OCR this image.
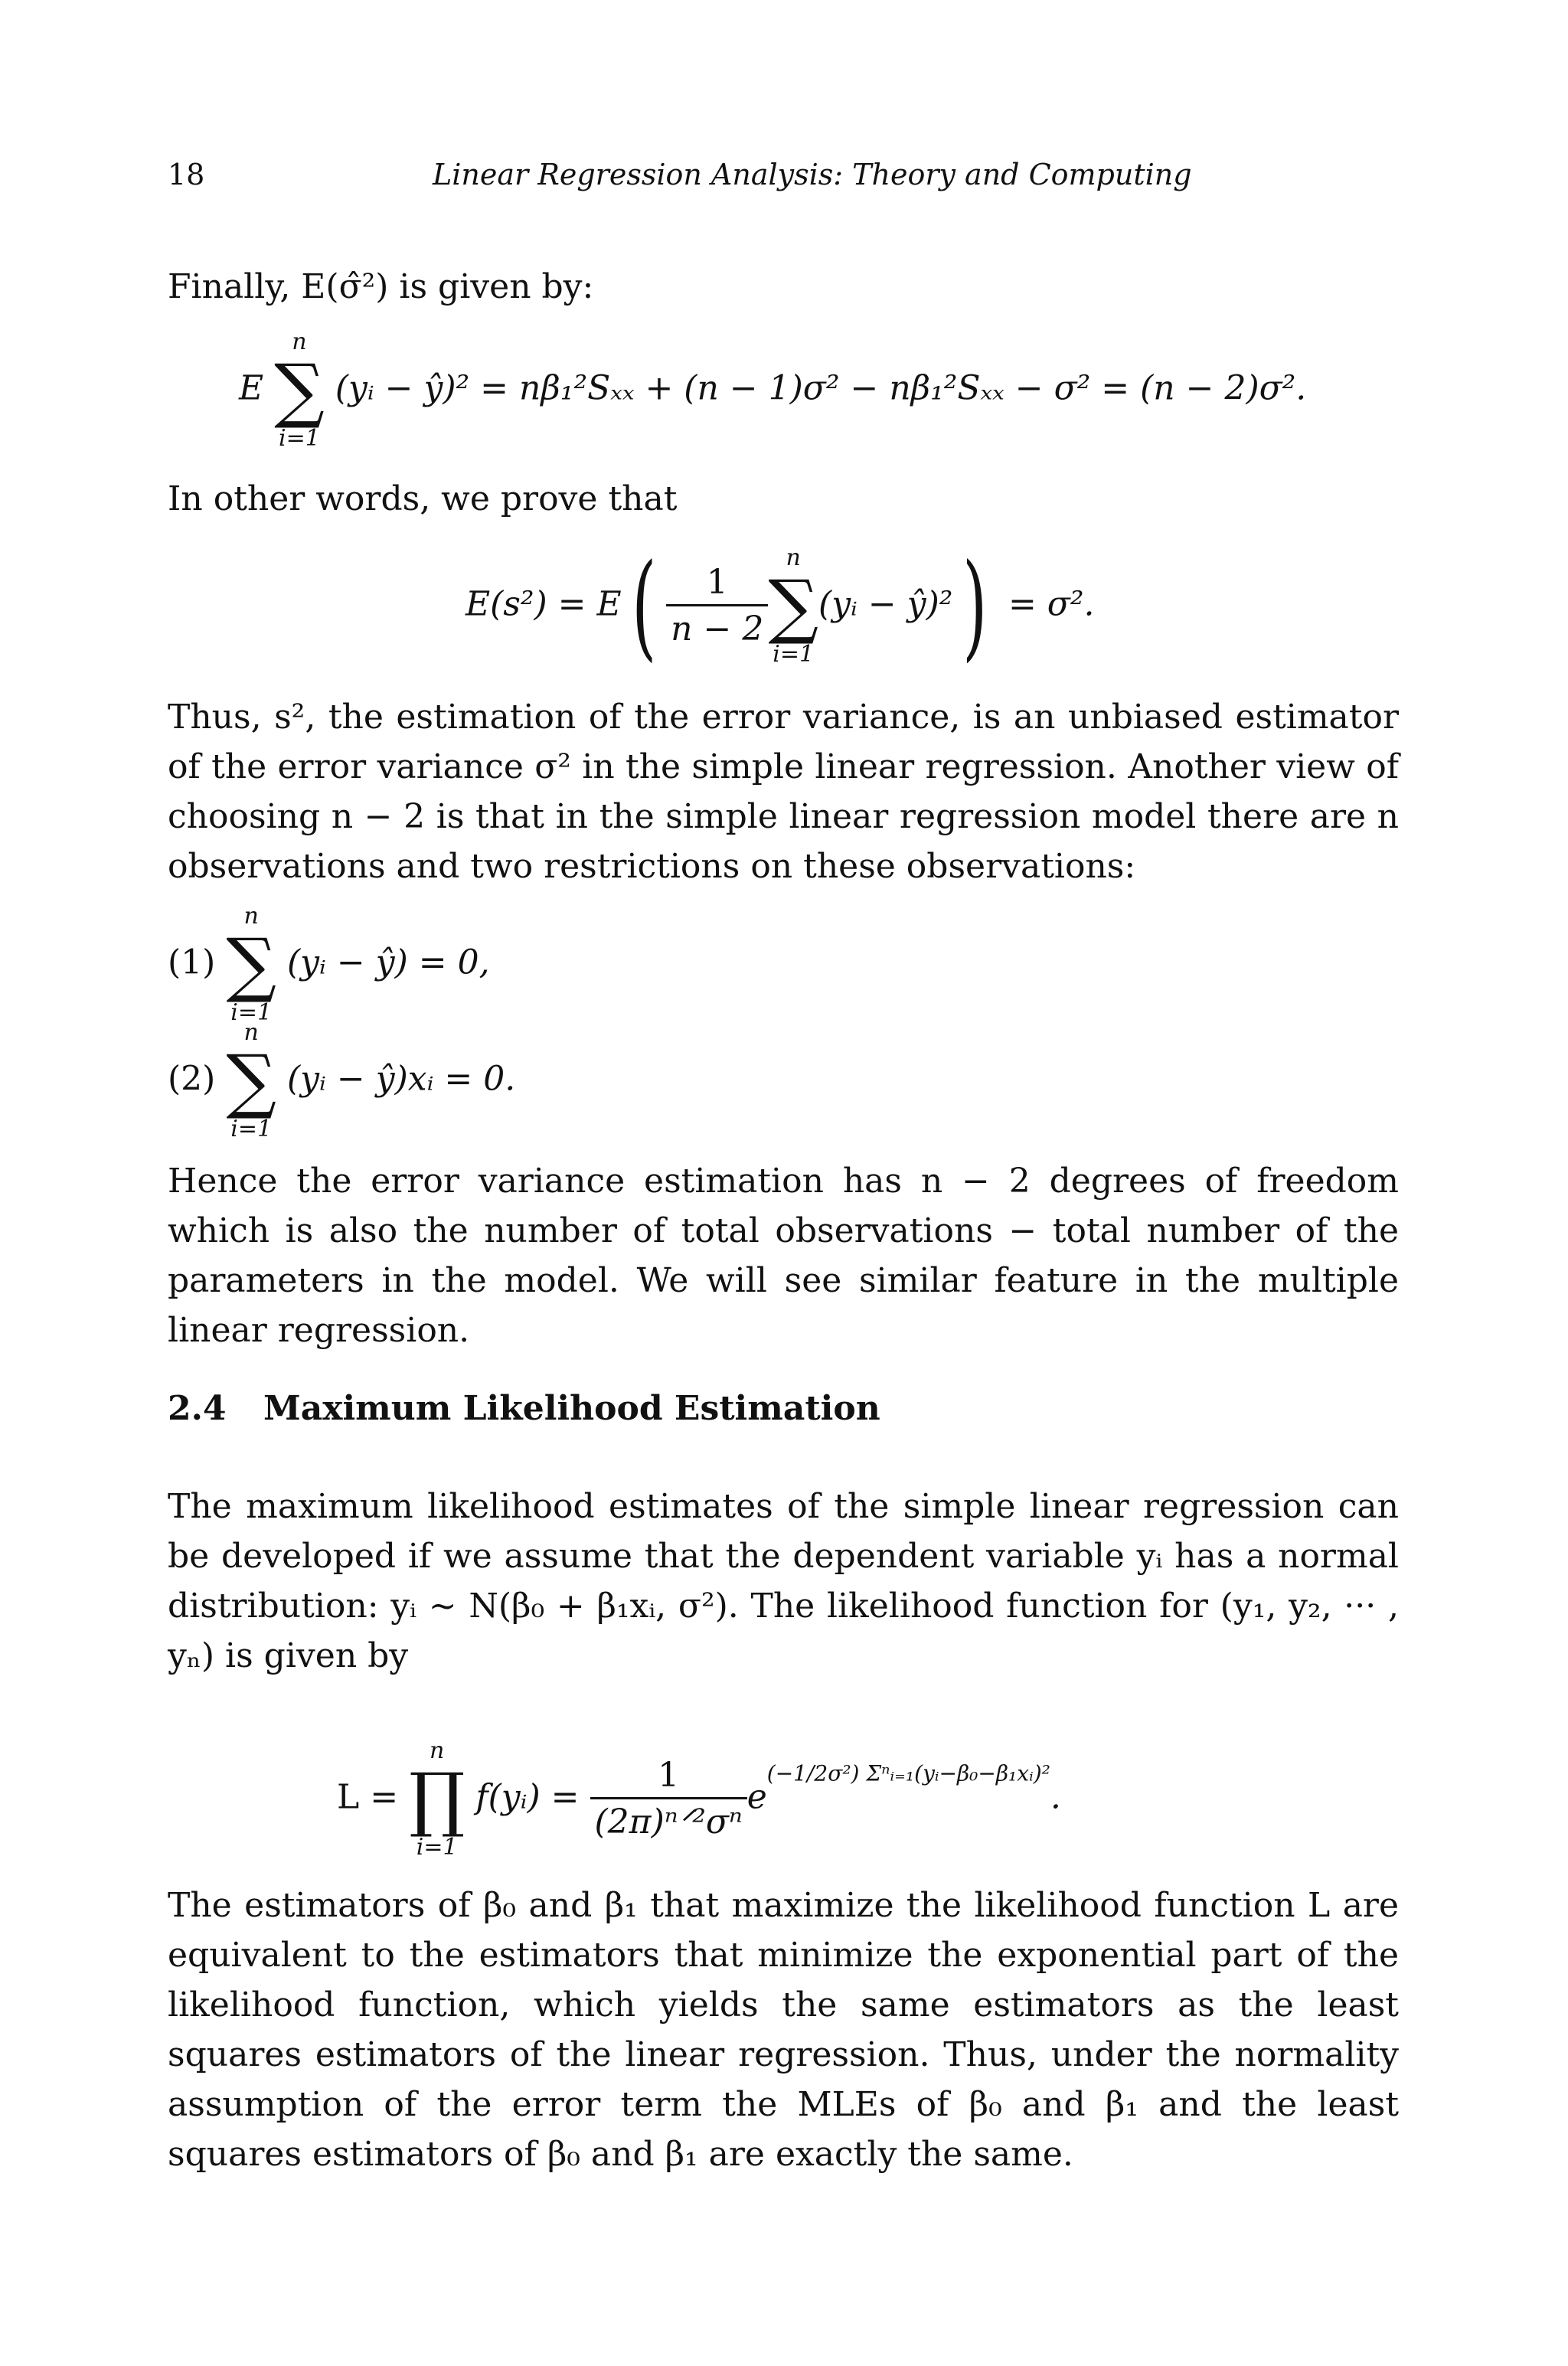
18	Linear Regression Analysis: Theory and Computing
Finally, E(σ̂²) is given by:
E
n
∑
i=1
(yᵢ − ŷ)² = nβ₁²Sₓₓ + (n − 1)σ² − nβ₁²Sₓₓ − σ² = (n − 2)σ².
In other words, we prove that
$E(s^2) = E( \frac{1}{n - 2}$
n
∑
i=1
(yᵢ − ŷ)²) = σ².
Thus, s², the estimation of the error variance, is an unbiased estimator of the error variance σ² in the simple linear regression. Another view of choosing n − 2 is that in the simple linear regression model there are n observations and two restrictions on these observations:
(1)
n
∑
i=1
(yᵢ − ŷ) = 0,
(2)
n
∑
i=1
(yᵢ − ŷ)xᵢ = 0.
Hence the error variance estimation has n − 2 degrees of freedom which is also the number of total observations − total number of the parameters in the model. We will see similar feature in the multiple linear regression.
2.4 Maximum Likelihood Estimation
The maximum likelihood estimates of the simple linear regression can be developed if we assume that the dependent variable yᵢ has a normal distribution: yᵢ ∼ N(β₀ + β₁xᵢ, σ²). The likelihood function for (y₁, y₂, ··· , yₙ) is given by
L =
n
∏
i=1
f(yᵢ) = $\frac{1}{\text{(2π)ⁿᐟ²σⁿ}} e^{(-1/2\sigma^2) \Sigma^nᵢ_{=1}(yᵢ-\beta_0-\beta_1xᵢ)^2}$.
The estimators of β₀ and β₁ that maximize the likelihood function L are equivalent to the estimators that minimize the exponential part of the likelihood function, which yields the same estimators as the least squares estimators of the linear regression. Thus, under the normality assumption of the error term the MLEs of β₀ and β₁ and the least squares estimators of β₀ and β₁ are exactly the same.
